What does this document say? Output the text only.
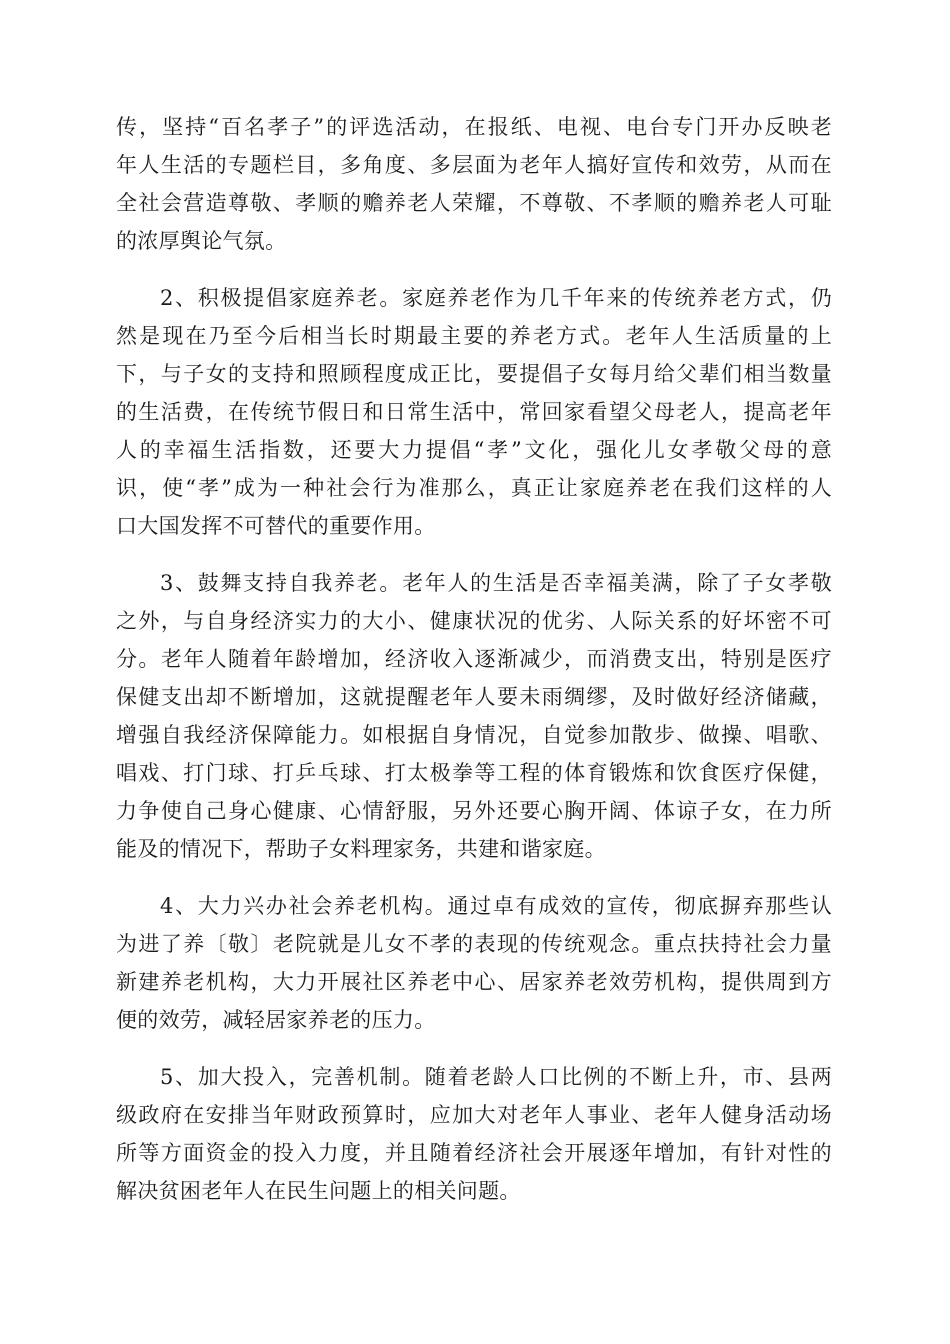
传，坚持“百名孝子”的评选活动，在报纸、电视、电台专门开办反映老
年人生活的专题栏目，多角度、多层面为老年人搞好宣传和效劳，从而在
全社会营造尊敬、孝顺的赡养老人荣耀，不尊敬、不孝顺的赡养老人可耻
的浓厚舆论气氛。
2、积极提倡家庭养老。家庭养老作为几千年来的传统养老方式，仍
然是现在乃至今后相当长时期最主要的养老方式。老年人生活质量的上
下，与子女的支持和照顾程度成正比，要提倡子女每月给父辈们相当数量
的生活费，在传统节假日和日常生活中，常回家看望父母老人，提高老年
人的幸福生活指数，还要大力提倡“孝”文化，强化儿女孝敬父母的意
识，使“孝”成为一种社会行为准那么，真正让家庭养老在我们这样的人
口大国发挥不可替代的重要作用。
3、鼓舞支持自我养老。老年人的生活是否幸福美满，除了子女孝敬
之外，与自身经济实力的大小、健康状况的优劣、人际关系的好坏密不可
分。老年人随着年龄增加，经济收入逐渐减少，而消费支出，特别是医疗
保健支出却不断增加，这就提醒老年人要未雨绸缪，及时做好经济储藏，
增强自我经济保障能力。如根据自身情况，自觉参加散步、做操、唱歌、
唱戏、打门球、打乒乓球、打太极拳等工程的体育锻炼和饮食医疗保健，
力争使自己身心健康、心情舒服，另外还要心胸开阔、体谅子女，在力所
能及的情况下，帮助子女料理家务，共建和谐家庭。
4、大力兴办社会养老机构。通过卓有成效的宣传，彻底摒弃那些认
为进了养〔敬〕老院就是儿女不孝的表现的传统观念。重点扶持社会力量
新建养老机构，大力开展社区养老中心、居家养老效劳机构，提供周到方
便的效劳，减轻居家养老的压力。
5、加大投入，完善机制。随着老龄人口比例的不断上升，市、县两
级政府在安排当年财政预算时，应加大对老年人事业、老年人健身活动场
所等方面资金的投入力度，并且随着经济社会开展逐年增加，有针对性的
解决贫困老年人在民生问题上的相关问题。
